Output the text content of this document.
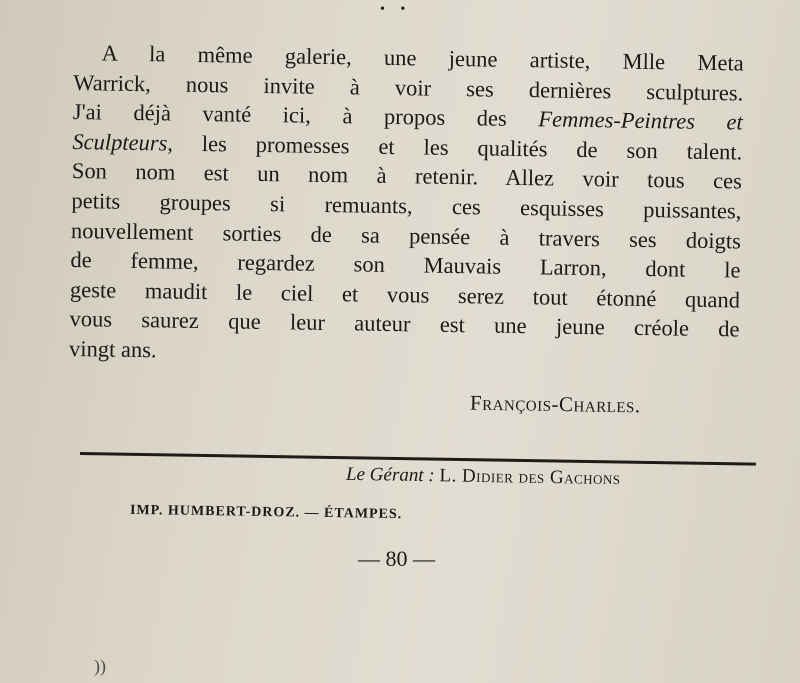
• •
A la même galerie, une jeune artiste, Mlle Meta
Warrick, nous invite à voir ses dernières sculptures.
J'ai déjà vanté ici, à propos des Femmes-Peintres et
Sculpteurs, les promesses et les qualités de son talent.
Son nom est un nom à retenir. Allez voir tous ces
petits groupes si remuants, ces esquisses puissantes,
nouvellement sorties de sa pensée à travers ses doigts
de femme, regardez son Mauvais Larron, dont le
geste maudit le ciel et vous serez tout étonné quand
vous saurez que leur auteur est une jeune créole de
vingt ans.
François-Charles.
Le Gérant : L. Didier des Gachons
IMP. HUMBERT-DROZ. — ÉTAMPES.
— 80 —
))
